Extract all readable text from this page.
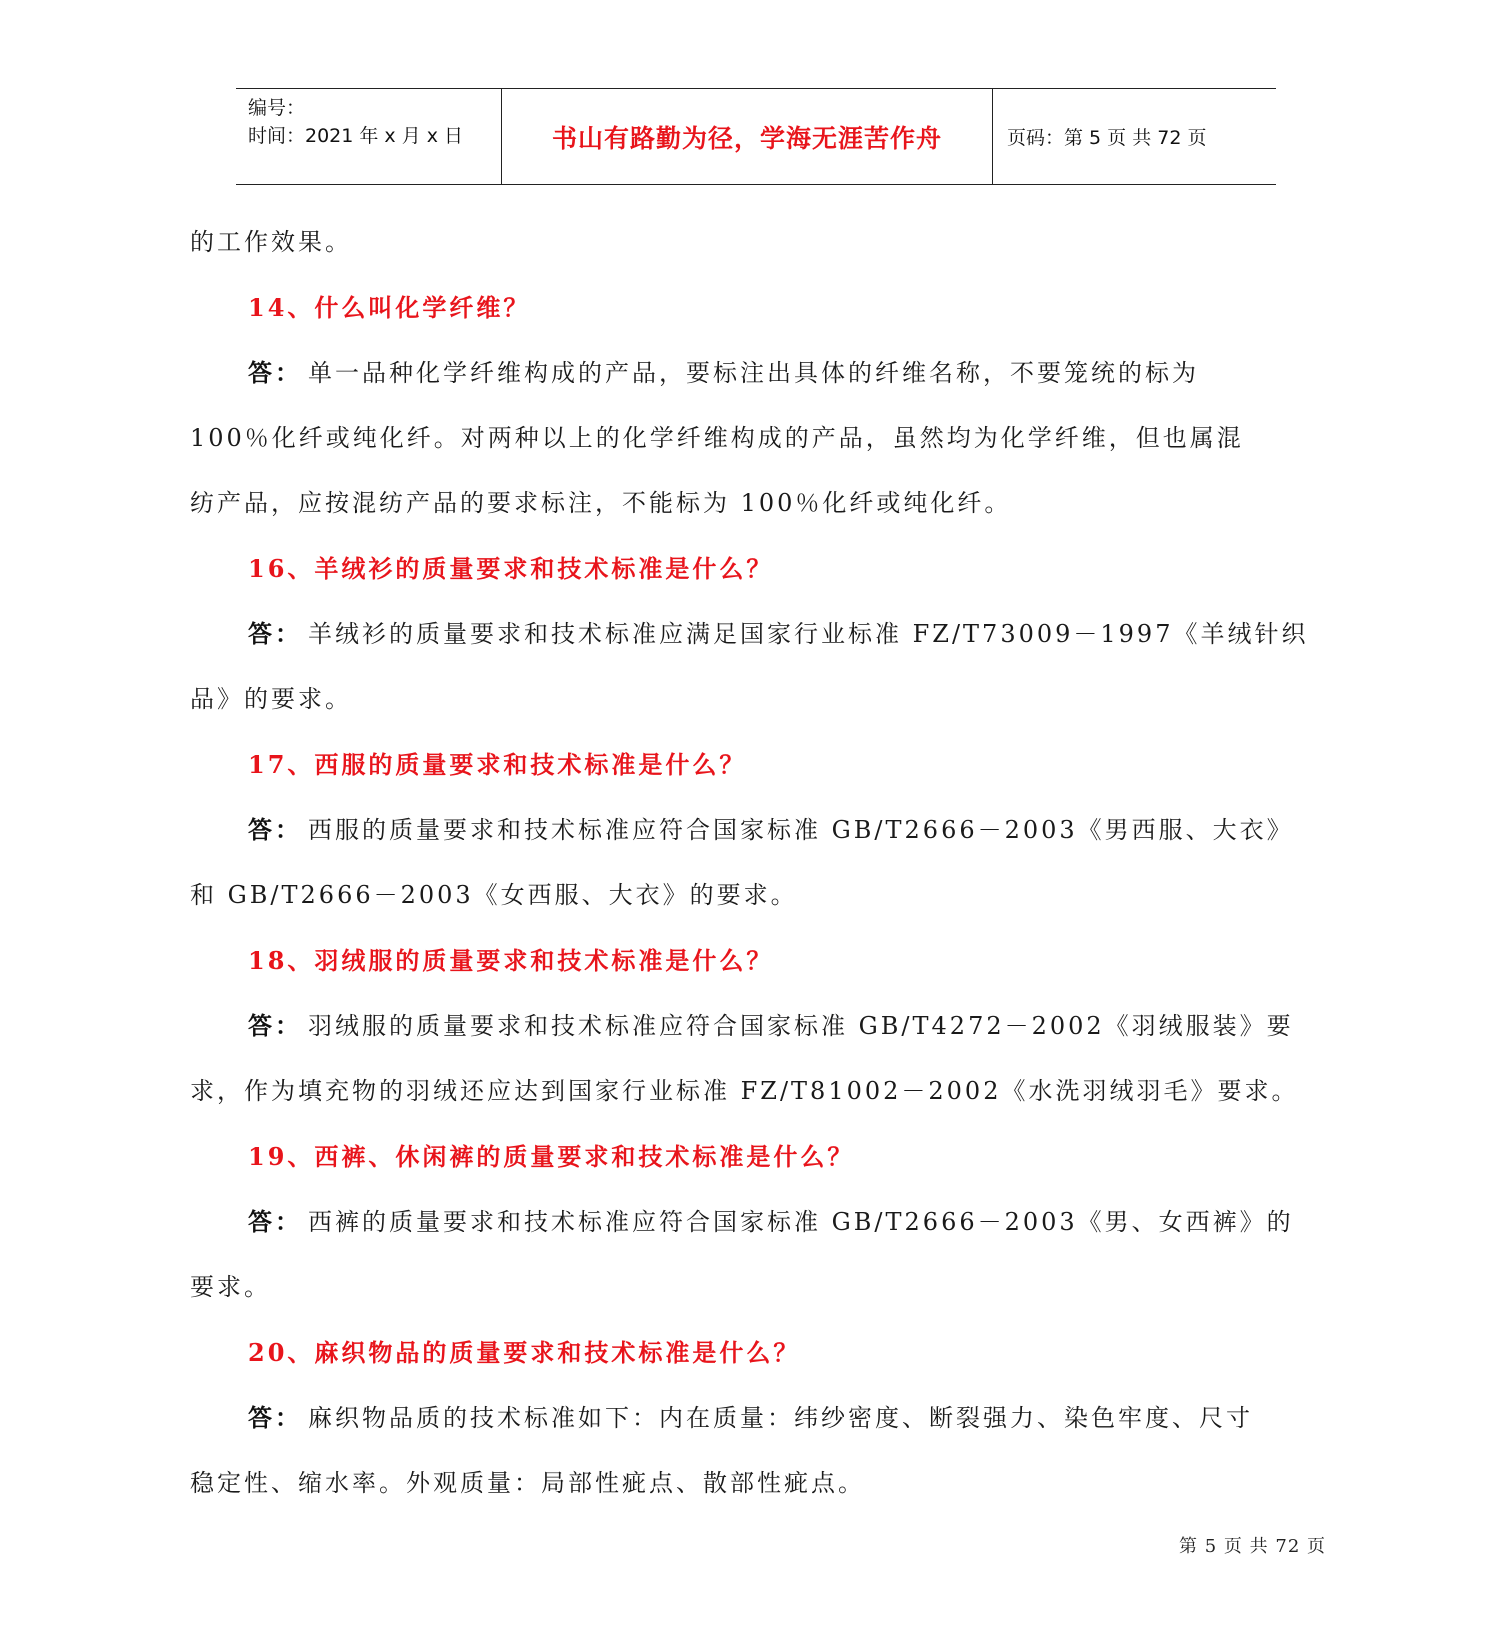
编号：
时间：2021 年 x 月 x 日	书山有路勤为径，学海无涯苦作舟	页码：第 5 页 共 72 页

的工作效果。

14、什么叫化学纤维？

答： 单一品种化学纤维构成的产品，要标注出具体的纤维名称，不要笼统的标为

100％化纤或纯化纤。对两种以上的化学纤维构成的产品，虽然均为化学纤维，但也属混

纺产品，应按混纺产品的要求标注，不能标为 100％化纤或纯化纤。

16、羊绒衫的质量要求和技术标准是什么？

答： 羊绒衫的质量要求和技术标准应满足国家行业标准 FZ/T73009－1997《羊绒针织

品》的要求。

17、西服的质量要求和技术标准是什么？

答： 西服的质量要求和技术标准应符合国家标准 GB/T2666－2003《男西服、大衣》

和 GB/T2666－2003《女西服、大衣》的要求。

18、羽绒服的质量要求和技术标准是什么？

答： 羽绒服的质量要求和技术标准应符合国家标准 GB/T4272－2002《羽绒服装》要

求，作为填充物的羽绒还应达到国家行业标准 FZ/T81002－2002《水洗羽绒羽毛》要求。

19、西裤、休闲裤的质量要求和技术标准是什么？

答： 西裤的质量要求和技术标准应符合国家标准 GB/T2666－2003《男、女西裤》的

要求。

20、麻织物品的质量要求和技术标准是什么？

答： 麻织物品质的技术标准如下：内在质量：纬纱密度、断裂强力、染色牢度、尺寸

稳定性、缩水率。外观质量：局部性疵点、散部性疵点。

第 5 页 共 72 页
